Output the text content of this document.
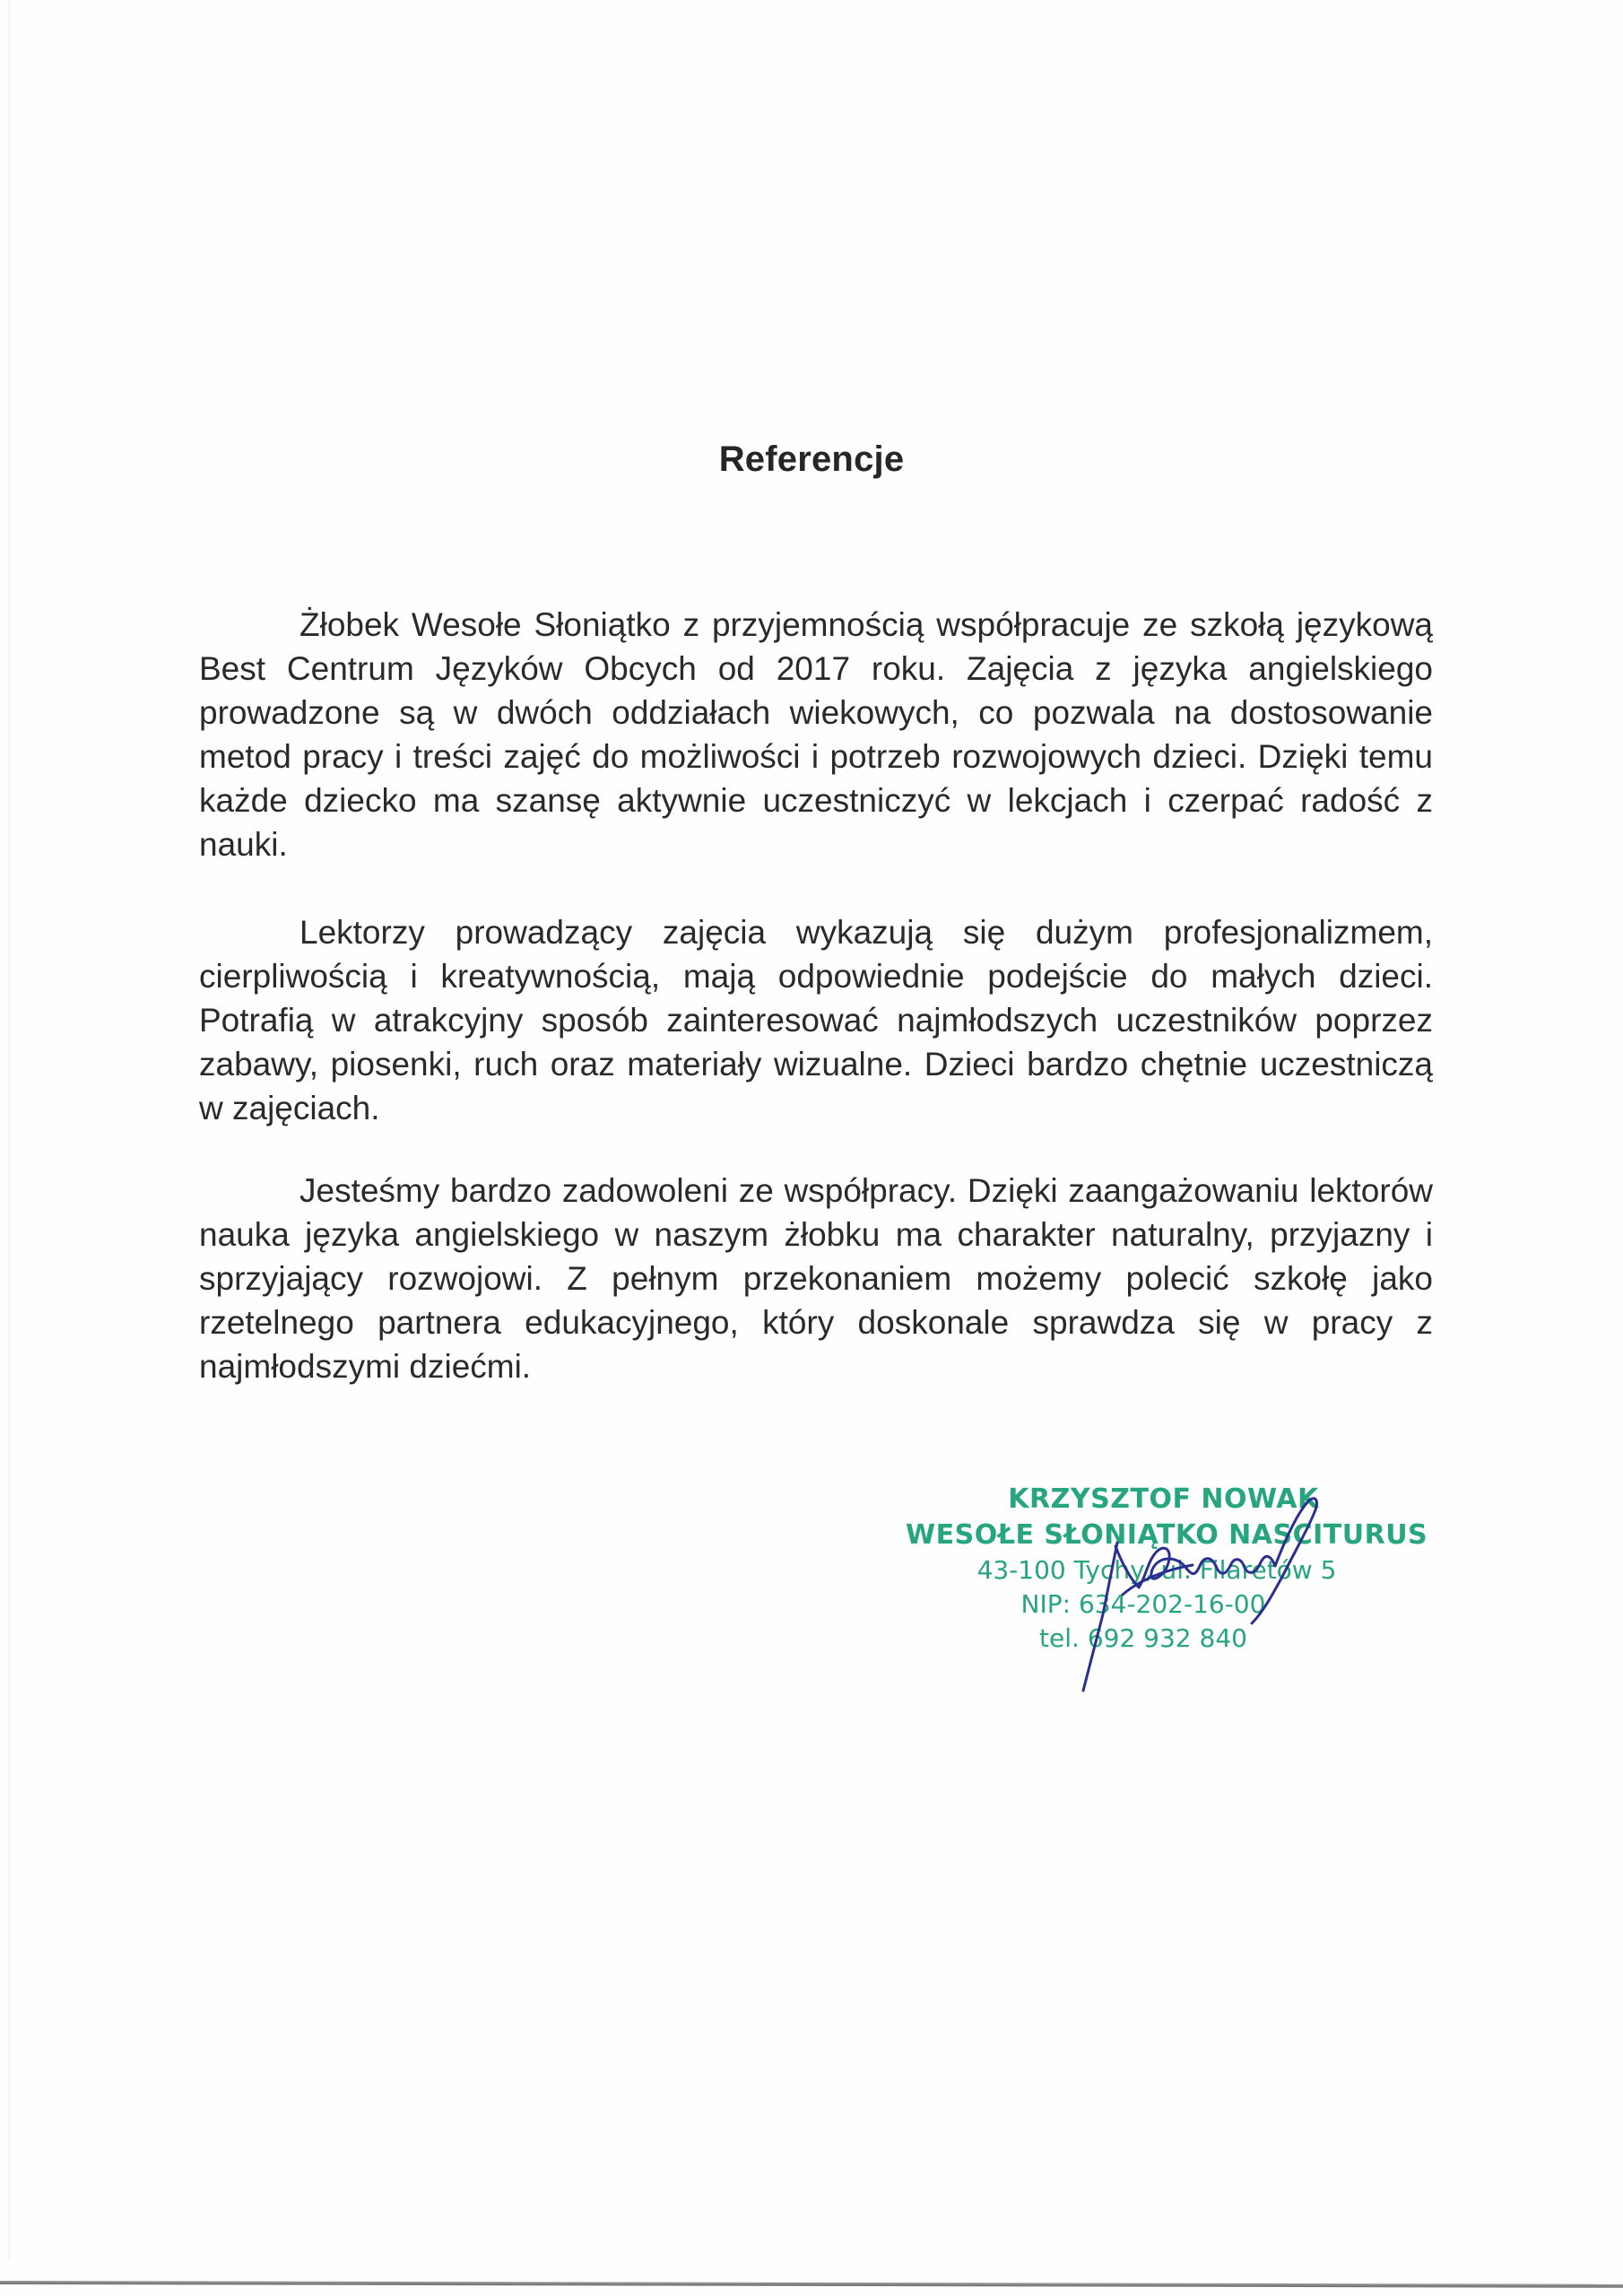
Referencje

Żłobek Wesołe Słoniątko z przyjemnością współpracuje ze szkołą językową Best Centrum Języków Obcych od 2017 roku. Zajęcia z języka angielskiego prowadzone są w dwóch oddziałach wiekowych, co pozwala na dostosowanie metod pracy i treści zajęć do możliwości i potrzeb rozwojowych dzieci. Dzięki temu każde dziecko ma szansę aktywnie uczestniczyć w lekcjach i czerpać radość z nauki.

Lektorzy prowadzący zajęcia wykazują się dużym profesjonalizmem, cierpliwością i kreatywnością, mają odpowiednie podejście do małych dzieci. Potrafią w atrakcyjny sposób zainteresować najmłodszych uczestników poprzez zabawy, piosenki, ruch oraz materiały wizualne. Dzieci bardzo chętnie uczestniczą w zajęciach.

Jesteśmy bardzo zadowoleni ze współpracy. Dzięki zaangażowaniu lektorów nauka języka angielskiego w naszym żłobku ma charakter naturalny, przyjazny i sprzyjający rozwojowi. Z pełnym przekonaniem możemy polecić szkołę jako rzetelnego partnera edukacyjnego, który doskonale sprawdza się w pracy z najmłodszymi dziećmi.

KRZYSZTOF NOWAK
WESOŁE SŁONIĄTKO NASCITURUS
43-100 Tychy, ul. Filaretów 5
NIP: 634-202-16-00
tel. 692 932 840
